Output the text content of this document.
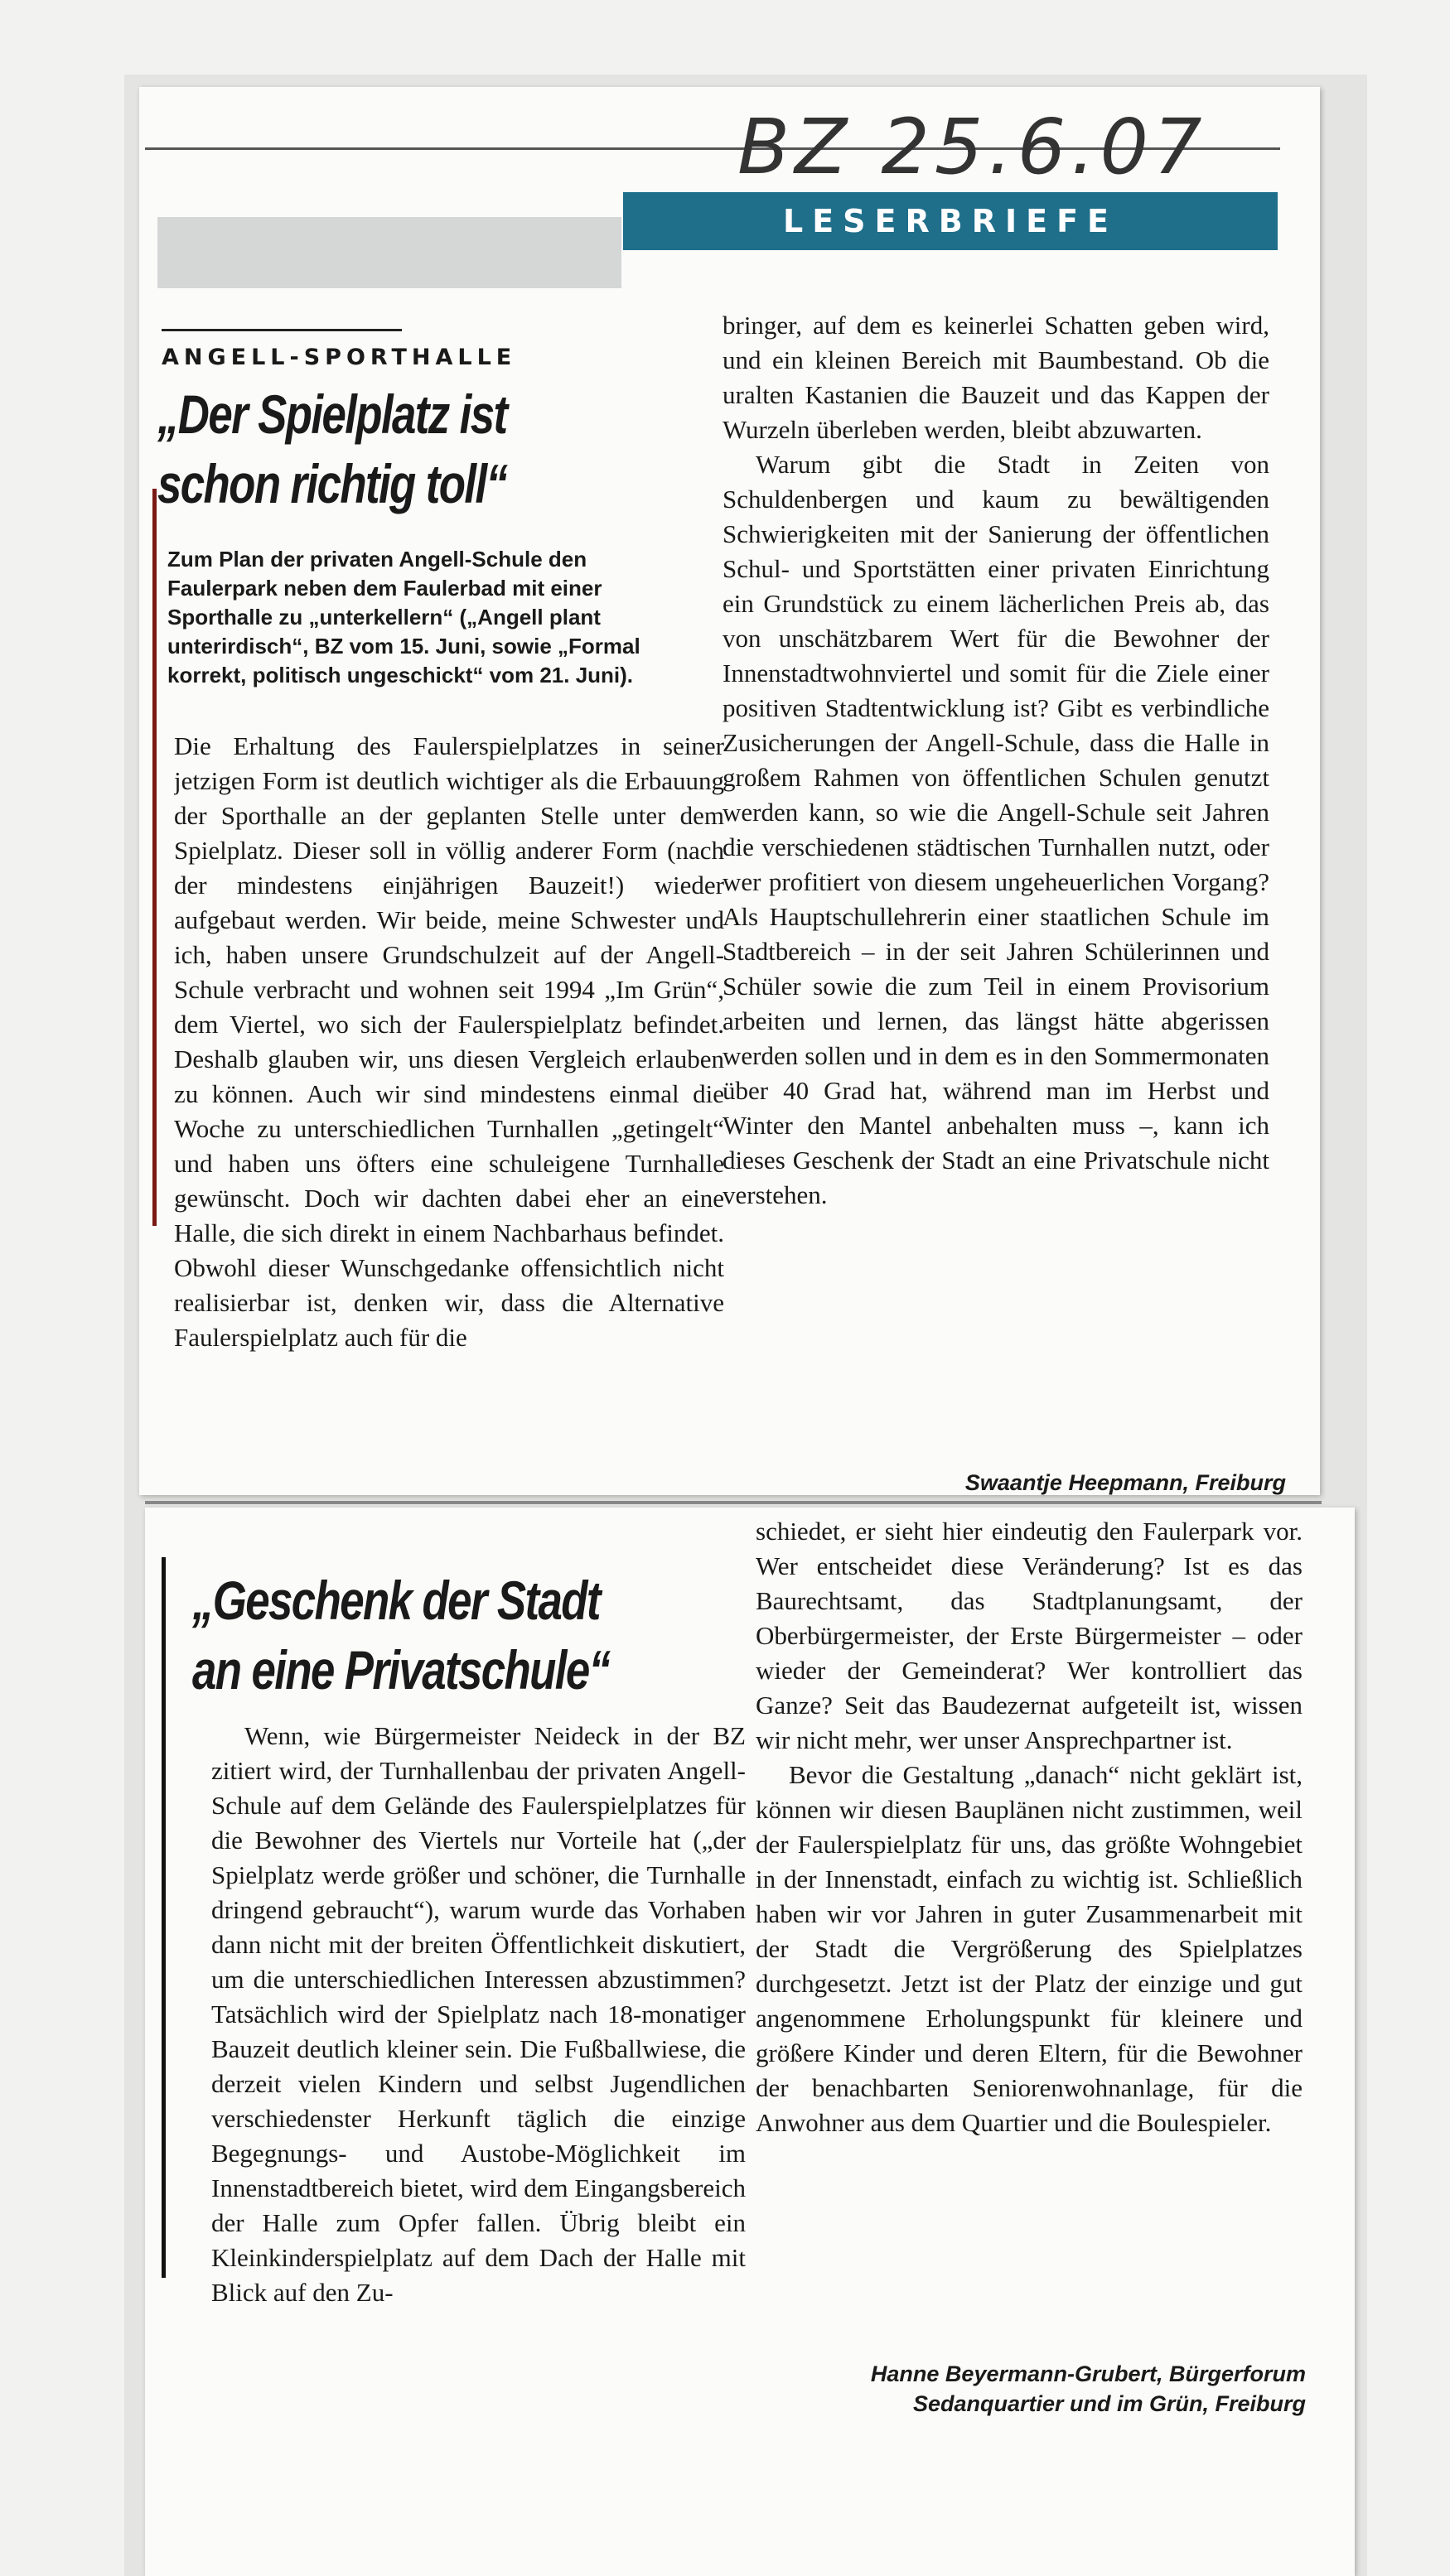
BZ 25.6.07
LESERBRIEFE
ANGELL-SPORTHALLE
„Der Spielplatz ist
schon richtig toll“
Zum Plan der privaten Angell-Schule den Faulerpark neben dem Faulerbad mit einer Sporthalle zu „unterkellern“ („Angell plant unterirdisch“, BZ vom 15. Juni, sowie „Formal korrekt, politisch ungeschickt“ vom 21. Juni).

Die Erhaltung des Faulerspielplatzes in seiner jetzigen Form ist deutlich wichtiger als die Erbauung der Sporthalle an der geplanten Stelle unter dem Spielplatz. Dieser soll in völlig anderer Form (nach der mindestens einjährigen Bauzeit!) wieder aufgebaut werden. Wir beide, meine Schwester und ich, haben unsere Grundschulzeit auf der Angell-Schule verbracht und wohnen seit 1994 „Im Grün“, dem Viertel, wo sich der Faulerspielplatz befindet. Deshalb glauben wir, uns diesen Vergleich erlauben zu können. Auch wir sind mindestens einmal die Woche zu unterschiedlichen Turnhallen „getingelt“ und haben uns öfters eine schuleigene Turnhalle gewünscht. Doch wir dachten dabei eher an eine Halle, die sich direkt in einem Nachbarhaus befindet. Obwohl dieser Wunschgedanke offensichtlich nicht realisierbar ist, denken wir, dass die Alternative Faulerspielplatz auch für die

bringer, auf dem es keinerlei Schatten geben wird, und ein kleinen Bereich mit Baumbestand. Ob die uralten Kastanien die Bauzeit und das Kappen der Wurzeln überleben werden, bleibt abzuwarten.

Warum gibt die Stadt in Zeiten von Schuldenbergen und kaum zu bewältigenden Schwierigkeiten mit der Sanierung der öffentlichen Schul- und Sportstätten einer privaten Einrichtung ein Grundstück zu einem lächerlichen Preis ab, das von unschätzbarem Wert für die Bewohner der Innenstadtwohnviertel und somit für die Ziele einer positiven Stadtentwicklung ist? Gibt es verbindliche Zusicherungen der Angell-Schule, dass die Halle in großem Rahmen von öffentlichen Schulen genutzt werden kann, so wie die Angell-Schule seit Jahren die verschiedenen städtischen Turnhallen nutzt, oder wer profitiert von diesem ungeheuerlichen Vorgang? Als Hauptschullehrerin einer staatlichen Schule im Stadtbereich – in der seit Jahren Schülerinnen und Schüler sowie die zum Teil in einem Provisorium arbeiten und lernen, das längst hätte abgerissen werden sollen und in dem es in den Sommermonaten über 40 Grad hat, während man im Herbst und Winter den Mantel anbehalten muss –, kann ich dieses Geschenk der Stadt an eine Privatschule nicht verstehen.

Swaantje Heepmann, Freiburg
„Geschenk der Stadt
an eine Privatschule“

Wenn, wie Bürgermeister Neideck in der BZ zitiert wird, der Turnhallenbau der privaten Angell-Schule auf dem Gelände des Faulerspielplatzes für die Bewohner des Viertels nur Vorteile hat („der Spielplatz werde größer und schöner, die Turnhalle dringend gebraucht“), warum wurde das Vorhaben dann nicht mit der breiten Öffentlichkeit diskutiert, um die unterschiedlichen Interessen abzustimmen? Tatsächlich wird der Spielplatz nach 18-monatiger Bauzeit deutlich kleiner sein. Die Fußballwiese, die derzeit vielen Kindern und selbst Jugendlichen verschiedenster Herkunft täglich die einzige Begegnungs- und Austobe-Möglichkeit im Innenstadtbereich bietet, wird dem Eingangsbereich der Halle zum Opfer fallen. Übrig bleibt ein Kleinkinderspielplatz auf dem Dach der Halle mit Blick auf den Zu-

schiedet, er sieht hier eindeutig den Faulerpark vor. Wer entscheidet diese Veränderung? Ist es das Baurechtsamt, das Stadtplanungsamt, der Oberbürgermeister, der Erste Bürgermeister – oder wieder der Gemeinderat? Wer kontrolliert das Ganze? Seit das Baudezernat aufgeteilt ist, wissen wir nicht mehr, wer unser Ansprechpartner ist.

Bevor die Gestaltung „danach“ nicht geklärt ist, können wir diesen Bauplänen nicht zustimmen, weil der Faulerspielplatz für uns, das größte Wohngebiet in der Innenstadt, einfach zu wichtig ist. Schließlich haben wir vor Jahren in guter Zusammenarbeit mit der Stadt die Vergrößerung des Spielplatzes durchgesetzt. Jetzt ist der Platz der einzige und gut angenommene Erholungspunkt für kleinere und größere Kinder und deren Eltern, für die Bewohner der benachbarten Seniorenwohnanlage, für die Anwohner aus dem Quartier und die Boulespieler.

Hanne Beyermann-Grubert, Bürgerforum
Sedanquartier und im Grün, Freiburg
